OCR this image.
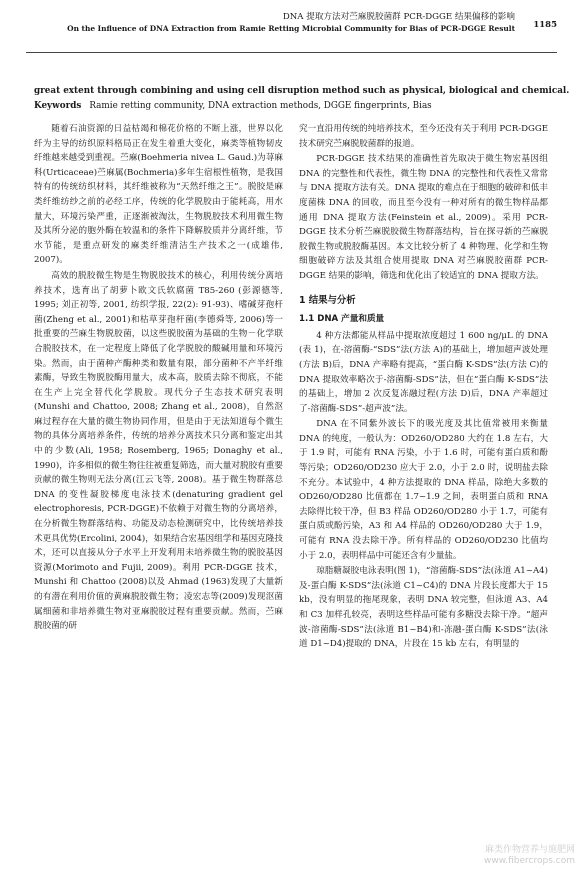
DNA 提取方法对苎麻脱胶菌群 PCR-DGGE 结果偏移的影响
On the Influence of DNA Extraction from Ramie Retting Microbial Community for Bias of PCR-DGGE Result 1185
great extent through combining and using cell disruption method such as physical, biological and chemical.
Keywords Ramie retting community, DNA extraction methods, DGGE fingerprints, Bias

随着石油资源的日益枯竭和棉花价格的不断上涨，世界以化纤为主导的纺织原料格局正在发生着重大变化，麻类等植物韧皮纤维越来越受到重视。苎麻(Boehmeria nivea L. Gaud.)为荨麻科(Urticaceae)苎麻属(Bochmeria)多年生宿根性植物，是我国特有的传统纺织材料，其纤维被称为“天然纤维之王”。脱胶是麻类纤维纺纱之前的必经工序，传统的化学脱胶由于能耗高，用水量大，环境污染严重，正逐渐被淘汰，生物脱胶技术利用微生物及其所分泌的胞外酶在较温和的条件下降解胶质并分离纤维，节水节能，是重点研发的麻类纤维清洁生产技术之一(成雄伟, 2007)。

高效的脱胶微生物是生物脱胶技术的核心，利用传统分离培养技术，选育出了胡萝卜欧文氏软腐菌 T85-260 (彭源德等, 1995; 刘正初等, 2001, 纺织学报, 22(2): 91-93)、嗜碱芽孢杆菌(Zheng et al., 2001)和枯草芽孢杆菌(李德舜等, 2006)等一批重要的苎麻生物脱胶菌，以这些脱胶菌为基础的生物－化学联合脱胶技术，在一定程度上降低了化学脱胶的酸碱用量和环境污染。然而，由于菌种产酶种类和数量有限，部分菌种不产半纤维素酶，导致生物脱胶酶用量大，成本高，胶质去除不彻底，不能在生产上完全替代化学脱胶。现代分子生态技术研究表明(Munshi and Chattoo, 2008; Zhang et al., 2008)，自然沤麻过程存在大量的微生物协同作用，但是由于无法知道每个微生物的具体分离培养条件，传统的培养分离技术只分离和鉴定出其中的少数(Ali, 1958; Rosemberg, 1965; Donaghy et al., 1990)，许多相似的微生物往往被重复筛选，而大量对脱胶有重要贡献的微生物则无法分离(江云飞等, 2008)。基于微生物群落总 DNA 的变性凝胶梯度电泳技术(denaturing gradient gel electrophoresis, PCR-DGGE)不依赖于对微生物的分离培养，在分析微生物群落结构、功能及动态检测研究中，比传统培养技术更具优势(Ercolini, 2004)，如果结合宏基因组学和基因克隆技术，还可以直接从分子水平上开发利用未培养微生物的脱胶基因资源(Morimoto and Fujii, 2009)。利用 PCR-DGGE 技术，Munshi 和 Chattoo (2008)以及 Ahmad (1963)发现了大量新的有潜在利用价值的黄麻脱胶微生物；凌宏志等(2009)发现沤菌属细菌和非培养微生物对亚麻脱胶过程有重要贡献。然而，苎麻脱胶菌的研

究一直沿用传统的纯培养技术，至今还没有关于利用 PCR-DGGE 技术研究苎麻脱胶菌群的报道。

PCR-DGGE 技术结果的准确性首先取决于微生物宏基因组 DNA 的完整性和代表性，微生物 DNA 的完整性和代表性又常常与 DNA 提取方法有关。DNA 提取的难点在于细胞的破碎和低丰度菌株 DNA 的回收，而且至今没有一种对所有的微生物样品都通用 DNA 提取方法(Feinstein et al., 2009)。采用 PCR-DGGE 技术分析苎麻脱胶微生物群落结构，旨在探寻新的苎麻脱胶微生物或脱胶酶基因。本文比较分析了 4 种物理、化学和生物细胞破碎方法及其组合使用提取 DNA 对苎麻脱胶菌群 PCR-DGGE 结果的影响，筛选和优化出了较适宜的 DNA 提取方法。

1 结果与分析
1.1 DNA 产量和质量

4 种方法都能从样品中提取浓度超过 1 600 ng/μL 的 DNA (表 1)，在-溶菌酶-“SDS”法(方法 A)的基础上，增加超声波处理(方法 B)后，DNA 产率略有提高，“蛋白酶 K-SDS”法(方法 C)的 DNA 提取效率略次于-溶菌酶-SDS”法，但在“蛋白酶 K-SDS”法的基础上，增加 2 次反复冻融过程(方法 D)后，DNA 产率超过了-溶菌酶-SDS”-超声波”法。

DNA 在不同紫外波长下的吸光度及其比值常被用来衡量 DNA 的纯度，一般认为：OD260/OD280 大约在 1.8 左右，大于 1.9 时，可能有 RNA 污染，小于 1.6 时，可能有蛋白质和酚等污染；OD260/OD230 应大于 2.0，小于 2.0 时，说明盐去除不充分。本试验中，4 种方法提取的 DNA 样品，除绝大多数的 OD260/OD280 比值都在 1.7~1.9 之间，表明蛋白质和 RNA 去除得比较干净，但 B3 样品 OD260/OD280 小于 1.7，可能有蛋白质或酚污染，A3 和 A4 样品的 OD260/OD280 大于 1.9，可能有 RNA 没去除干净。所有样品的 OD260/OD230 比值均小于 2.0，表明样品中可能还含有少量盐。

琼脂糖凝胶电泳表明(图 1)，“溶菌酶-SDS”法(泳道 A1~A4)及-蛋白酶 K-SDS”法(泳道 C1~C4)的 DNA 片段长度都大于 15 kb，没有明显的拖尾现象，表明 DNA 较完整，但泳道 A3、A4 和 C3 加样孔较亮，表明这些样品可能有多糖没去除干净。“超声波-溶菌酶-SDS”法(泳道 B1~B4)和-冻融-蛋白酶 K-SDS”法(泳道 D1~D4)提取的 DNA，片段在 15 kb 左右，有明显的

麻类作物营养与施肥网
www.fibercrops.com
